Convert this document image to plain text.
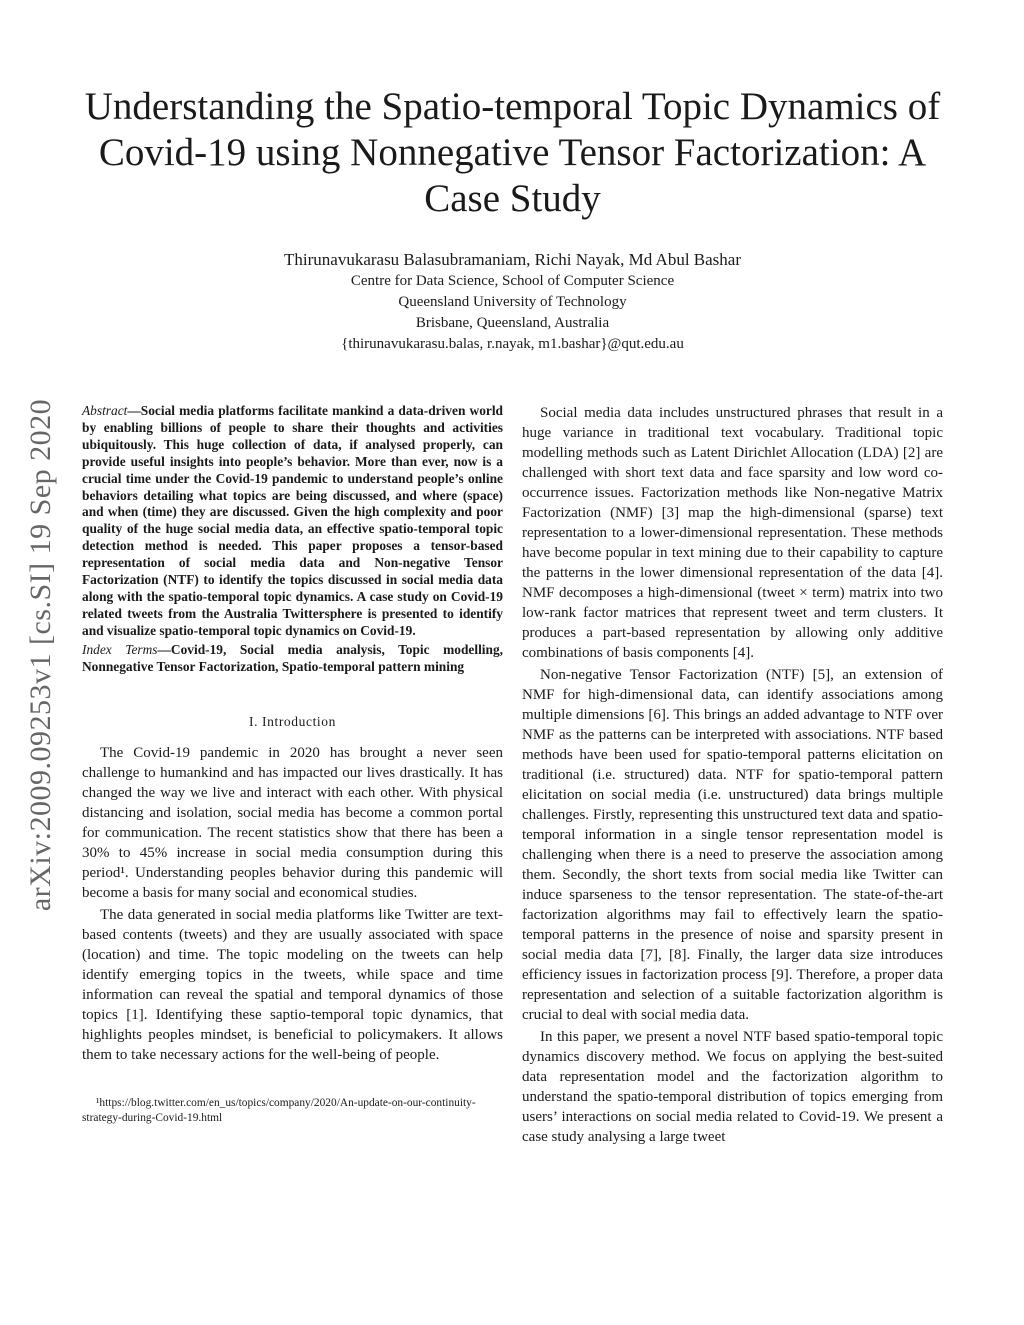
arXiv:2009.09253v1 [cs.SI] 19 Sep 2020
Understanding the Spatio-temporal Topic Dynamics of Covid-19 using Nonnegative Tensor Factorization: A Case Study

Thirunavukarasu Balasubramaniam, Richi Nayak, Md Abul Bashar

Centre for Data Science, School of Computer Science

Queensland University of Technology

Brisbane, Queensland, Australia

{thirunavukarasu.balas, r.nayak, m1.bashar}@qut.edu.au

Abstract—Social media platforms facilitate mankind a data-driven world by enabling billions of people to share their thoughts and activities ubiquitously. This huge collection of data, if analysed properly, can provide useful insights into people’s behavior. More than ever, now is a crucial time under the Covid-19 pandemic to understand people’s online behaviors detailing what topics are being discussed, and where (space) and when (time) they are discussed. Given the high complexity and poor quality of the huge social media data, an effective spatio-temporal topic detection method is needed. This paper proposes a tensor-based representation of social media data and Non-negative Tensor Factorization (NTF) to identify the topics discussed in social media data along with the spatio-temporal topic dynamics. A case study on Covid-19 related tweets from the Australia Twittersphere is presented to identify and visualize spatio-temporal topic dynamics on Covid-19.

Index Terms—Covid-19, Social media analysis, Topic modelling, Nonnegative Tensor Factorization, Spatio-temporal pattern mining

I. Introduction

The Covid-19 pandemic in 2020 has brought a never seen challenge to humankind and has impacted our lives drastically. It has changed the way we live and interact with each other. With physical distancing and isolation, social media has become a common portal for communication. The recent statistics show that there has been a 30% to 45% increase in social media consumption during this period¹. Understanding peoples behavior during this pandemic will become a basis for many social and economical studies.

The data generated in social media platforms like Twitter are text-based contents (tweets) and they are usually associated with space (location) and time. The topic modeling on the tweets can help identify emerging topics in the tweets, while space and time information can reveal the spatial and temporal dynamics of those topics [1]. Identifying these saptio-temporal topic dynamics, that highlights peoples mindset, is beneficial to policymakers. It allows them to take necessary actions for the well-being of people.

¹https://blog.twitter.com/en_us/topics/company/2020/An-update-on-our-continuity-strategy-during-Covid-19.html

Social media data includes unstructured phrases that result in a huge variance in traditional text vocabulary. Traditional topic modelling methods such as Latent Dirichlet Allocation (LDA) [2] are challenged with short text data and face sparsity and low word co-occurrence issues. Factorization methods like Non-negative Matrix Factorization (NMF) [3] map the high-dimensional (sparse) text representation to a lower-dimensional representation. These methods have become popular in text mining due to their capability to capture the patterns in the lower dimensional representation of the data [4]. NMF decomposes a high-dimensional (tweet × term) matrix into two low-rank factor matrices that represent tweet and term clusters. It produces a part-based representation by allowing only additive combinations of basis components [4].

Non-negative Tensor Factorization (NTF) [5], an extension of NMF for high-dimensional data, can identify associations among multiple dimensions [6]. This brings an added advantage to NTF over NMF as the patterns can be interpreted with associations. NTF based methods have been used for spatio-temporal patterns elicitation on traditional (i.e. structured) data. NTF for spatio-temporal pattern elicitation on social media (i.e. unstructured) data brings multiple challenges. Firstly, representing this unstructured text data and spatio-temporal information in a single tensor representation model is challenging when there is a need to preserve the association among them. Secondly, the short texts from social media like Twitter can induce sparseness to the tensor representation. The state-of-the-art factorization algorithms may fail to effectively learn the spatio-temporal patterns in the presence of noise and sparsity present in social media data [7], [8]. Finally, the larger data size introduces efficiency issues in factorization process [9]. Therefore, a proper data representation and selection of a suitable factorization algorithm is crucial to deal with social media data.

In this paper, we present a novel NTF based spatio-temporal topic dynamics discovery method. We focus on applying the best-suited data representation model and the factorization algorithm to understand the spatio-temporal distribution of topics emerging from users’ interactions on social media related to Covid-19. We present a case study analysing a large tweet
